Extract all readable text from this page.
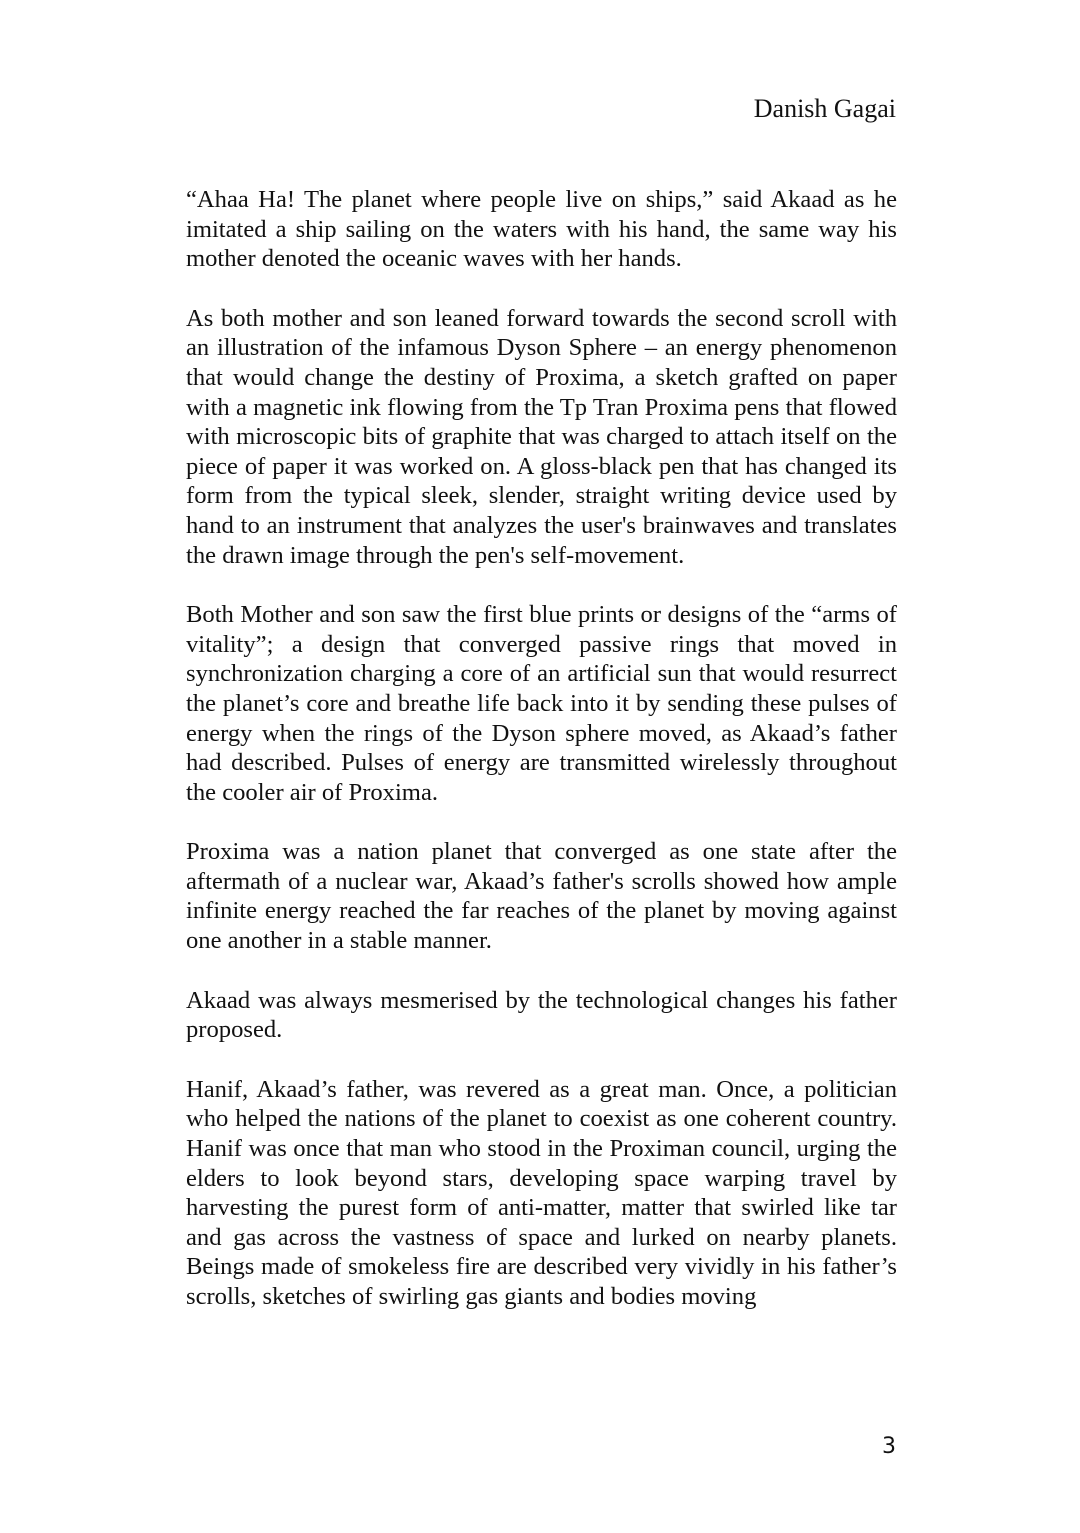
Danish Gagai

“Ahaa Ha! The planet where people live on ships,” said Akaad as he imitated a ship sailing on the waters with his hand, the same way his mother denoted the oceanic waves with her hands.

As both mother and son leaned forward towards the second scroll with an illustration of the infamous Dyson Sphere – an energy phenomenon that would change the destiny of Proxima, a sketch grafted on paper with a magnetic ink flowing from the Tp Tran Proxima pens that flowed with microscopic bits of graphite that was charged to attach itself on the piece of paper it was worked on. A gloss-black pen that has changed its form from the typical sleek, slender, straight writing device used by hand to an instrument that analyzes the user's brainwaves and translates the drawn image through the pen's self-movement.

Both Mother and son saw the first blue prints or designs of the “arms of vitality”; a design that converged passive rings that moved in synchronization charging a core of an artificial sun that would resurrect the planet’s core and breathe life back into it by sending these pulses of energy when the rings of the Dyson sphere moved, as Akaad’s father had described. Pulses of energy are transmitted wirelessly throughout the cooler air of Proxima.

Proxima was a nation planet that converged as one state after the aftermath of a nuclear war, Akaad’s father's scrolls showed how ample infinite energy reached the far reaches of the planet by moving against one another in a stable manner.

Akaad was always mesmerised by the technological changes his father proposed.

Hanif, Akaad’s father, was revered as a great man. Once, a politician who helped the nations of the planet to coexist as one coherent country. Hanif was once that man who stood in the Proximan council, urging the elders to look beyond stars, developing space warping travel by harvesting the purest form of anti-matter, matter that swirled like tar and gas across the vastness of space and lurked on nearby planets. Beings made of smokeless fire are described very vividly in his father’s scrolls, sketches of swirling gas giants and bodies moving

3
